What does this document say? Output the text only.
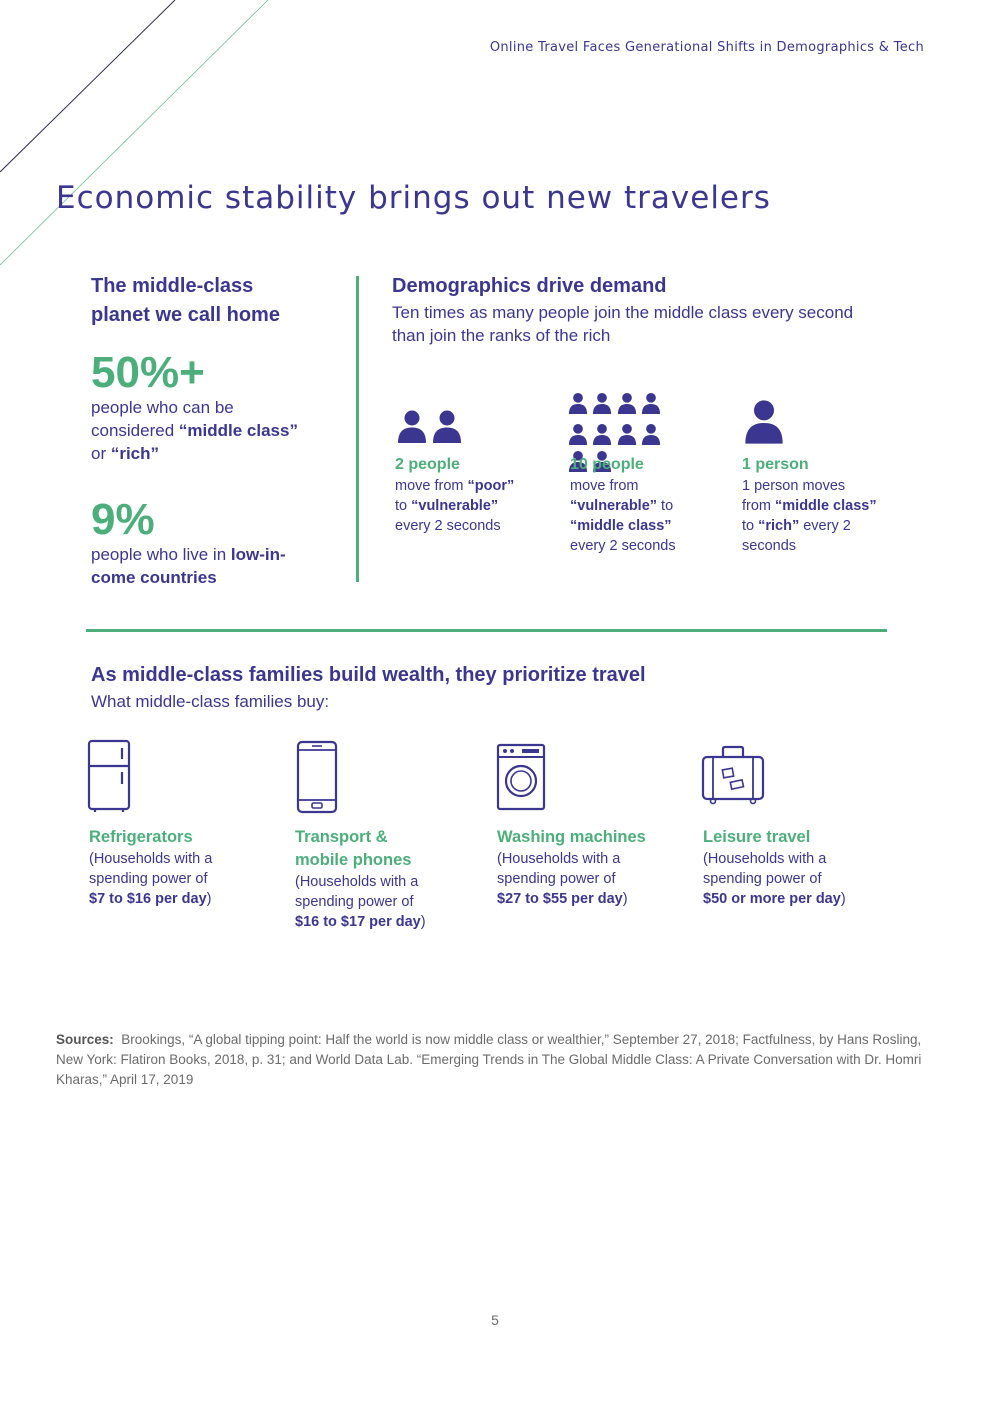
Online Travel Faces Generational Shifts in Demographics & Tech
Economic stability brings out new travelers
The middle-class
planet we call home
50%+
people who can be
considered “middle class”
or “rich”
9%
people who live in low-in-
come countries
Demographics drive demand
Ten times as many people join the middle class every second
than join the ranks of the rich

2 people
move from “poor”
to “vulnerable”
every 2 seconds
10 people
move from
“vulnerable” to
“middle class”
every 2 seconds
1 person
1 person moves
from “middle class”
to “rich” every 2
seconds
As middle-class families build wealth, they prioritize travel
What middle-class families buy:
Refrigerators
(Households with a
spending power of
$7 to $16 per day)
Transport &
mobile phones
(Households with a
spending power of
$16 to $17 per day)
Washing machines
(Households with a
spending power of
$27 to $55 per day)
Leisure travel
(Households with a
spending power of
$50 or more per day)
Sources: Brookings, “A global tipping point: Half the world is now middle class or wealthier,” September 27, 2018; Factfulness, by Hans Rosling, New York: Flatiron Books, 2018, p. 31; and World Data Lab. “Emerging Trends in The Global Middle Class: A Private Conversation with Dr. Homri Kharas,” April 17, 2019
5
